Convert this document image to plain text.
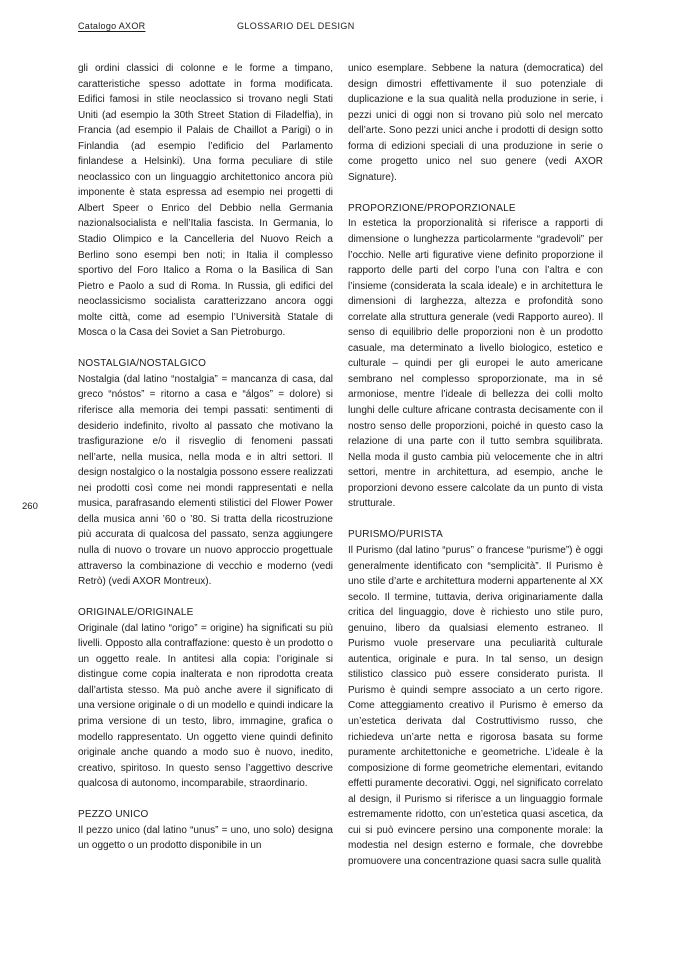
Catalogo AXOR	GLOSSARIO DEL DESIGN
260

gli ordini classici di colonne e le forme a timpano, caratteristiche spesso adottate in forma modificata. Edifici famosi in stile neoclassico si trovano negli Stati Uniti (ad esempio la 30th Street Station di Filadelfia), in Francia (ad esempio il Palais de Chaillot a Parigi) o in Finlandia (ad esempio l’edificio del Parlamento finlandese a Helsinki). Una forma peculiare di stile neoclassico con un linguaggio architettonico ancora più imponente è stata espressa ad esempio nei progetti di Albert Speer o Enrico del Debbio nella Germania nazionalsocialista e nell’Italia fascista. In Germania, lo Stadio Olimpico e la Cancelleria del Nuovo Reich a Berlino sono esempi ben noti; in Italia il complesso sportivo del Foro Italico a Roma o la Basilica di San Pietro e Paolo a sud di Roma. In Russia, gli edifici del neoclassicismo socialista caratterizzano ancora oggi molte città, come ad esempio l’Università Statale di Mosca o la Casa dei Soviet a San Pietroburgo.

NOSTALGIA/NOSTALGICO

Nostalgia (dal latino “nostalgia” = mancanza di casa, dal greco “nóstos” = ritorno a casa e “álgos” = dolore) si riferisce alla memoria dei tempi passati: sentimenti di desiderio indefinito, rivolto al passato che motivano la trasfigurazione e/o il risveglio di fenomeni passati nell’arte, nella musica, nella moda e in altri settori. Il design nostalgico o la nostalgia possono essere realizzati nei prodotti così come nei mondi rappresentati e nella musica, parafrasando elementi stilistici del Flower Power della musica anni ’60 o ’80. Si tratta della ricostruzione più accurata di qualcosa del passato, senza aggiungere nulla di nuovo o trovare un nuovo approccio progettuale attraverso la combinazione di vecchio e moderno (vedi Retrò) (vedi AXOR Montreux).

ORIGINALE/ORIGINALE

Originale (dal latino “origo” = origine) ha significati su più livelli. Opposto alla contraffazione: questo è un prodotto o un oggetto reale. In antitesi alla copia: l’originale si distingue come copia inalterata e non riprodotta creata dall’artista stesso. Ma può anche avere il significato di una versione originale o di un modello e quindi indicare la prima versione di un testo, libro, immagine, grafica o modello rappresentato. Un oggetto viene quindi definito originale anche quando a modo suo è nuovo, inedito, creativo, spiritoso. In questo senso l’aggettivo descrive qualcosa di autonomo, incomparabile, straordinario.

PEZZO UNICO

Il pezzo unico (dal latino “unus” = uno, uno solo) designa un oggetto o un prodotto disponibile in un

unico esemplare. Sebbene la natura (democratica) del design dimostri effettivamente il suo potenziale di duplicazione e la sua qualità nella produzione in serie, i pezzi unici di oggi non si trovano più solo nel mercato dell’arte. Sono pezzi unici anche i prodotti di design sotto forma di edizioni speciali di una produzione in serie o come progetto unico nel suo genere (vedi AXOR Signature).

PROPORZIONE/PROPORZIONALE

In estetica la proporzionalità si riferisce a rapporti di dimensione o lunghezza particolarmente “gradevoli” per l’occhio. Nelle arti figurative viene definito proporzione il rapporto delle parti del corpo l’una con l’altra e con l’insieme (considerata la scala ideale) e in architettura le dimensioni di larghezza, altezza e profondità sono correlate alla struttura generale (vedi Rapporto aureo). Il senso di equilibrio delle proporzioni non è un prodotto casuale, ma determinato a livello biologico, estetico e culturale – quindi per gli europei le auto americane sembrano nel complesso sproporzionate, ma in sé armoniose, mentre l’ideale di bellezza dei colli molto lunghi delle culture africane contrasta decisamente con il nostro senso delle proporzioni, poiché in questo caso la relazione di una parte con il tutto sembra squilibrata. Nella moda il gusto cambia più velocemente che in altri settori, mentre in architettura, ad esempio, anche le proporzioni devono essere calcolate da un punto di vista strutturale.

PURISMO/PURISTA

Il Purismo (dal latino “purus” o francese “purisme”) è oggi generalmente identificato con “semplicità”. Il Purismo è uno stile d’arte e architettura moderni appartenente al XX secolo. Il termine, tuttavia, deriva originariamente dalla critica del linguaggio, dove è richiesto uno stile puro, genuino, libero da qualsiasi elemento estraneo. Il Purismo vuole preservare una peculiarità culturale autentica, originale e pura. In tal senso, un design stilistico classico può essere considerato purista. Il Purismo è quindi sempre associato a un certo rigore. Come atteggiamento creativo il Purismo è emerso da un’estetica derivata dal Costruttivismo russo, che richiedeva un’arte netta e rigorosa basata su forme puramente architettoniche e geometriche. L’ideale è la composizione di forme geometriche elementari, evitando effetti puramente decorativi. Oggi, nel significato correlato al design, il Purismo si riferisce a un linguaggio formale estremamente ridotto, con un’estetica quasi ascetica, da cui si può evincere persino una componente morale: la modestia nel design esterno e formale, che dovrebbe promuovere una concentrazione quasi sacra sulle qualità
